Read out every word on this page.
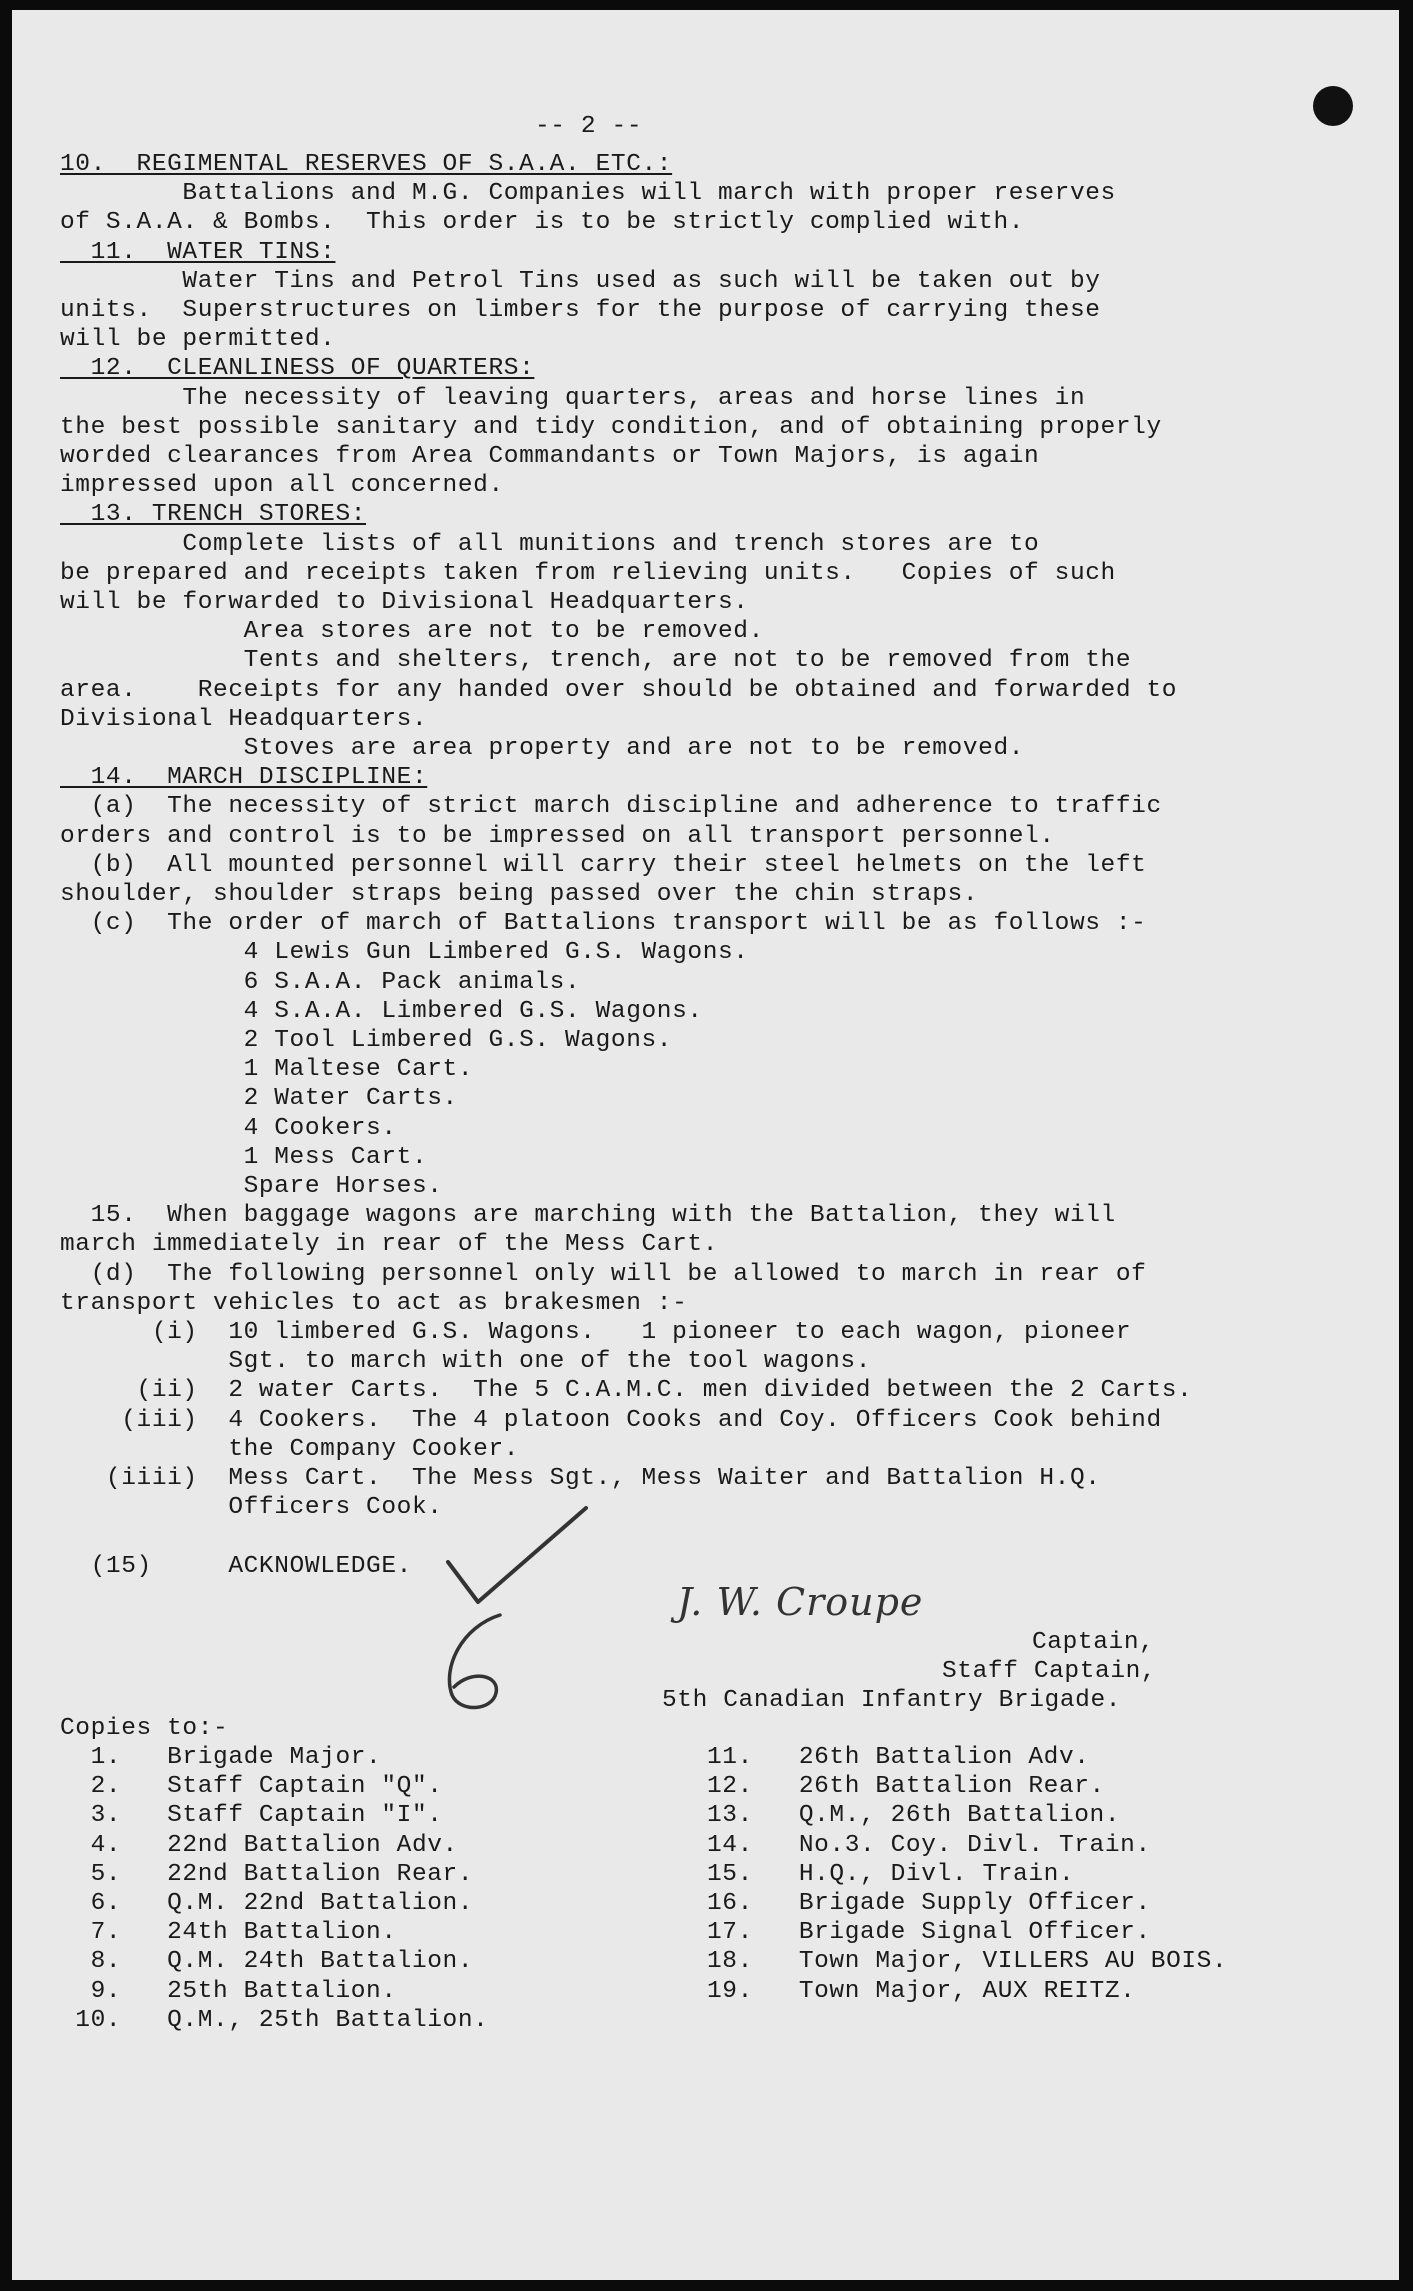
-- 2 --
10.  REGIMENTAL RESERVES OF S.A.A. ETC.:
Battalions and M.G. Companies will march with proper reserves
of S.A.A. & Bombs.  This order is to be strictly complied with.
11.  WATER TINS:
Water Tins and Petrol Tins used as such will be taken out by
units.  Superstructures on limbers for the purpose of carrying these
will be permitted.
12.  CLEANLINESS OF QUARTERS:
The necessity of leaving quarters, areas and horse lines in
the best possible sanitary and tidy condition, and of obtaining properly
worded clearances from Area Commandants or Town Majors, is again
impressed upon all concerned.
13. TRENCH STORES:
Complete lists of all munitions and trench stores are to
be prepared and receipts taken from relieving units.   Copies of such
will be forwarded to Divisional Headquarters.
Area stores are not to be removed.
Tents and shelters, trench, are not to be removed from the
area.    Receipts for any handed over should be obtained and forwarded to
Divisional Headquarters.
Stoves are area property and are not to be removed.
14.  MARCH DISCIPLINE:
(a)  The necessity of strict march discipline and adherence to traffic
orders and control is to be impressed on all transport personnel.
(b)  All mounted personnel will carry their steel helmets on the left
shoulder, shoulder straps being passed over the chin straps.
(c)  The order of march of Battalions transport will be as follows :-
4 Lewis Gun Limbered G.S. Wagons.
6 S.A.A. Pack animals.
4 S.A.A. Limbered G.S. Wagons.
2 Tool Limbered G.S. Wagons.
1 Maltese Cart.
2 Water Carts.
4 Cookers.
1 Mess Cart.
Spare Horses.
15.  When baggage wagons are marching with the Battalion, they will
march immediately in rear of the Mess Cart.
(d)  The following personnel only will be allowed to march in rear of
transport vehicles to act as brakesmen :-
(i)  10 limbered G.S. Wagons.   1 pioneer to each wagon, pioneer
Sgt. to march with one of the tool wagons.
(ii)  2 water Carts.  The 5 C.A.M.C. men divided between the 2 Carts.
(iii)  4 Cookers.  The 4 platoon Cooks and Coy. Officers Cook behind
the Company Cooker.
(iiii)  Mess Cart.  The Mess Sgt., Mess Waiter and Battalion H.Q.
Officers Cook.
(15)     ACKNOWLEDGE.
J. W. Croupe
Captain,
Staff Captain,
5th Canadian Infantry Brigade.
Copies to:-
1.   Brigade Major.
2.   Staff Captain "Q".
3.   Staff Captain "I".
4.   22nd Battalion Adv.
5.   22nd Battalion Rear.
6.   Q.M. 22nd Battalion.
7.   24th Battalion.
8.   Q.M. 24th Battalion.
9.   25th Battalion.
10.   Q.M., 25th Battalion.
11.   26th Battalion Adv.
12.   26th Battalion Rear.
13.   Q.M., 26th Battalion.
14.   No.3. Coy. Divl. Train.
15.   H.Q., Divl. Train.
16.   Brigade Supply Officer.
17.   Brigade Signal Officer.
18.   Town Major, VILLERS AU BOIS.
19.   Town Major, AUX REITZ.
